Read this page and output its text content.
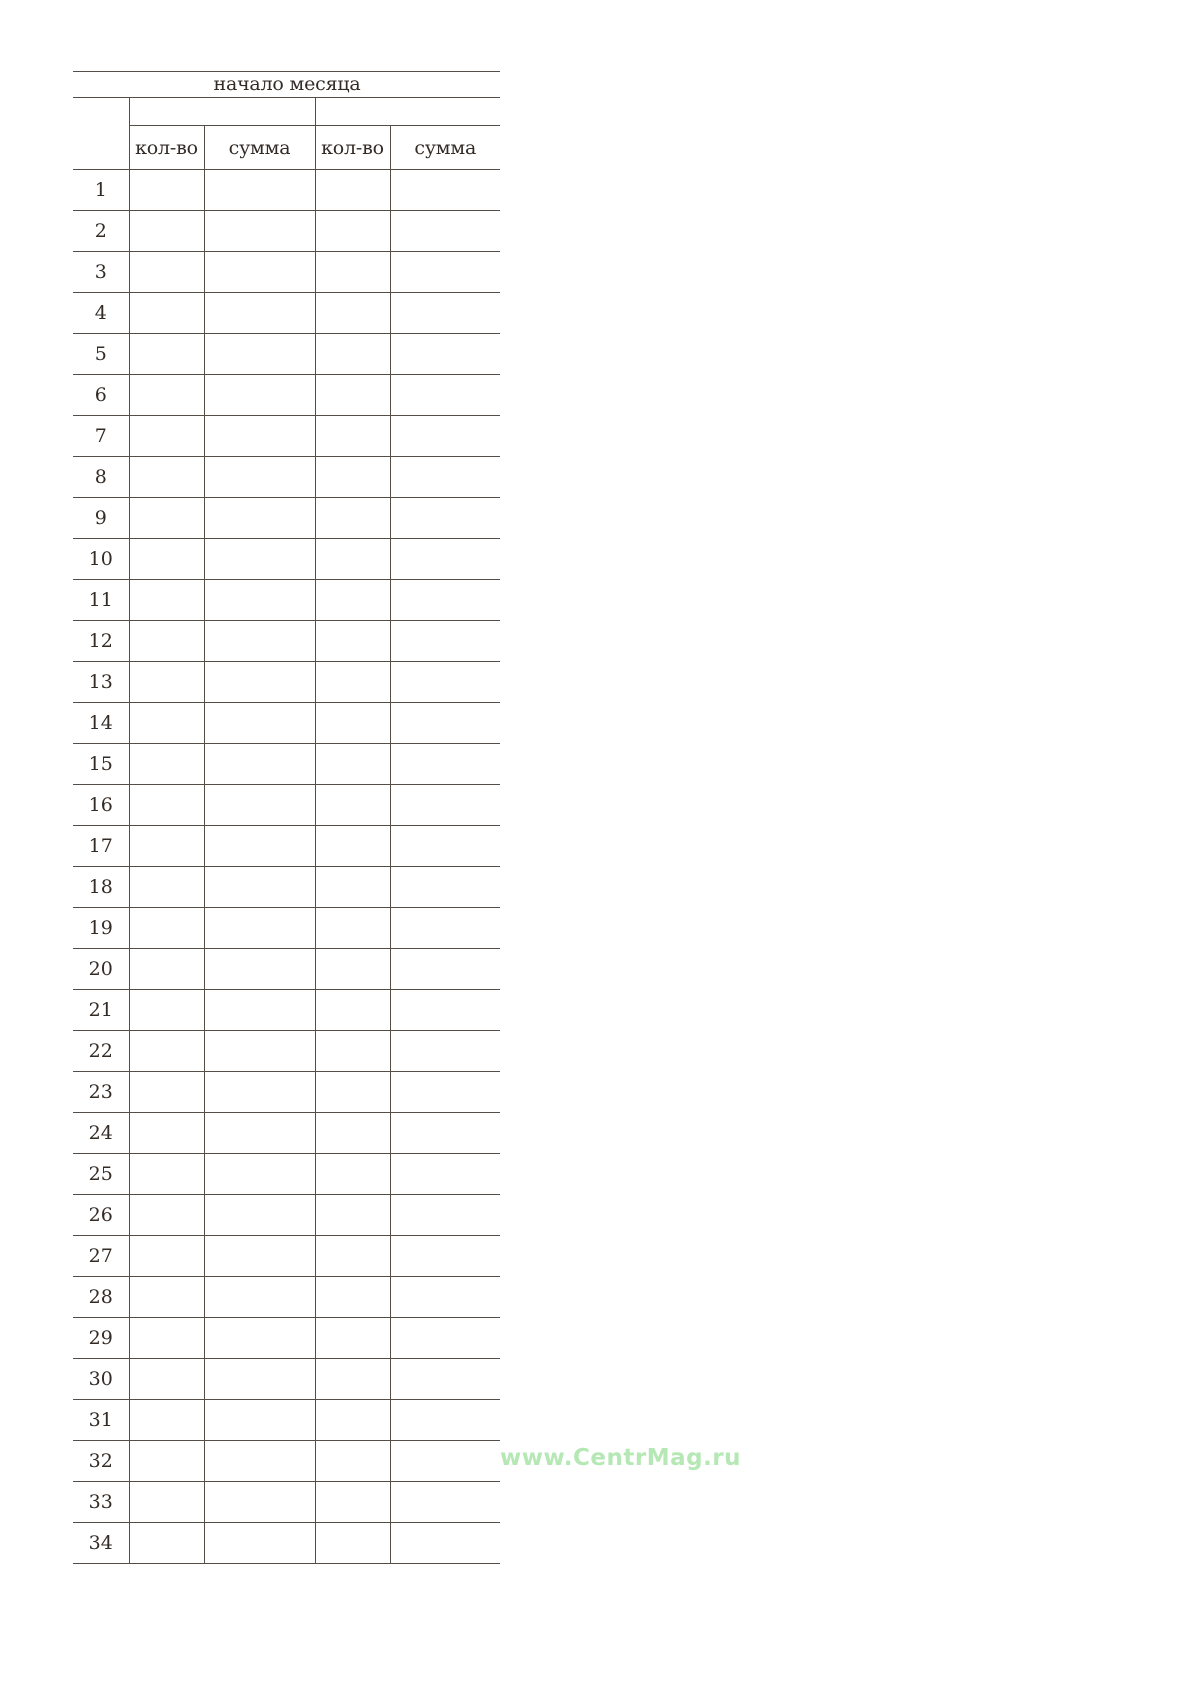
начало месяца				

	кол-во	сумма	кол-во	сумма
1				
2				
3				
4				
5				
6				
7				
8				
9				
10				
11				
12				
13				
14				
15				
16				
17				
18				
19				
20				
21				
22				
23				
24				
25				
26				
27				
28				
29				
30				
31				
32				
33				
34				
www.CentrMag.ru
